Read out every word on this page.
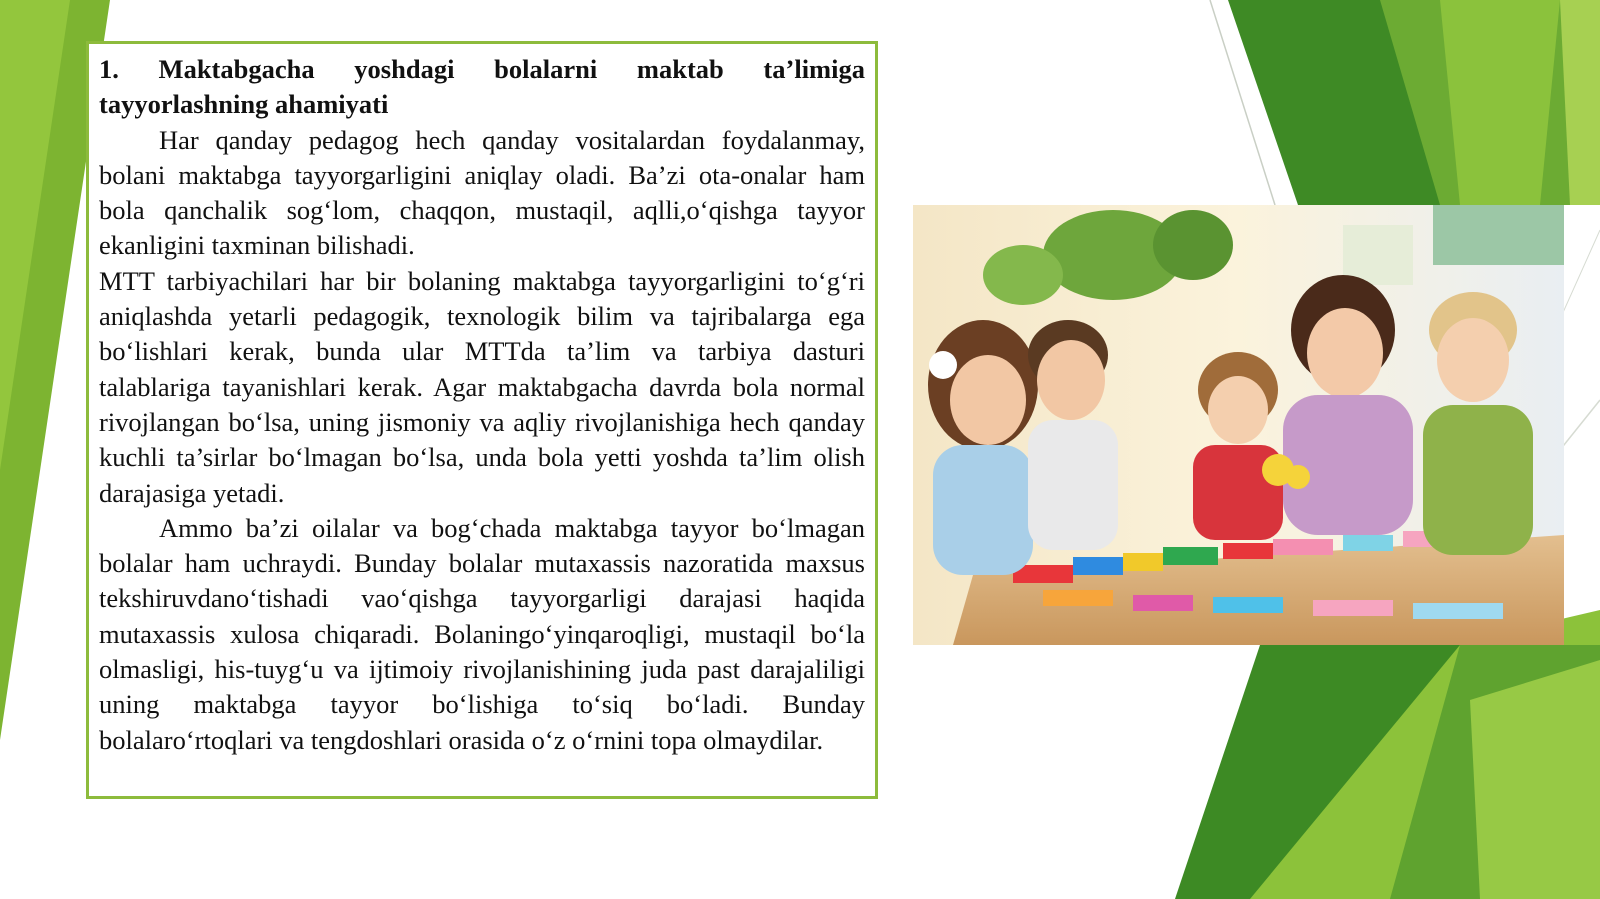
1. Maktabgacha yoshdagi bolalarni maktab ta’limiga tayyorlashning ahamiyati

Har qanday pedagog hech qanday vositalardan foydalanmay, bolani maktabga tayyorgarligini aniqlay oladi. Ba’zi ota-onalar ham bola qanchalik sog‘lom, chaqqon, mustaqil, aqlli,o‘qishga tayyor ekanligini taxminan bilishadi.

MTT tarbiyachilari har bir bolaning maktabga tayyorgarligini to‘g‘ri aniqlashda yetarli pedagogik, texnologik bilim va tajribalarga ega bo‘lishlari kerak, bunda ular MTTda ta’lim va tarbiya dasturi talablariga tayanishlari kerak. Agar maktabgacha davrda bola normal rivojlangan bo‘lsa, uning jismoniy va aqliy rivojlanishiga hech qanday kuchli ta’sirlar bo‘lmagan bo‘lsa, unda bola yetti yoshda ta’lim olish darajasiga yetadi.

Ammo ba’zi oilalar va bog‘chada maktabga tayyor bo‘lmagan bolalar ham uchraydi. Bunday bolalar mutaxassis nazoratida maxsus tekshiruvdano‘tishadi vao‘qishga tayyorgarligi darajasi haqida mutaxassis xulosa chiqaradi. Bolaningo‘yinqaroqligi, mustaqil bo‘la olmasligi, his-tuyg‘u va ijtimoiy rivojlanishining juda past darajaliligi uning maktabga tayyor bo‘lishiga to‘siq bo‘ladi. Bunday bolalaro‘rtoqlari va tengdoshlari orasida o‘z o‘rnini topa olmaydilar.
